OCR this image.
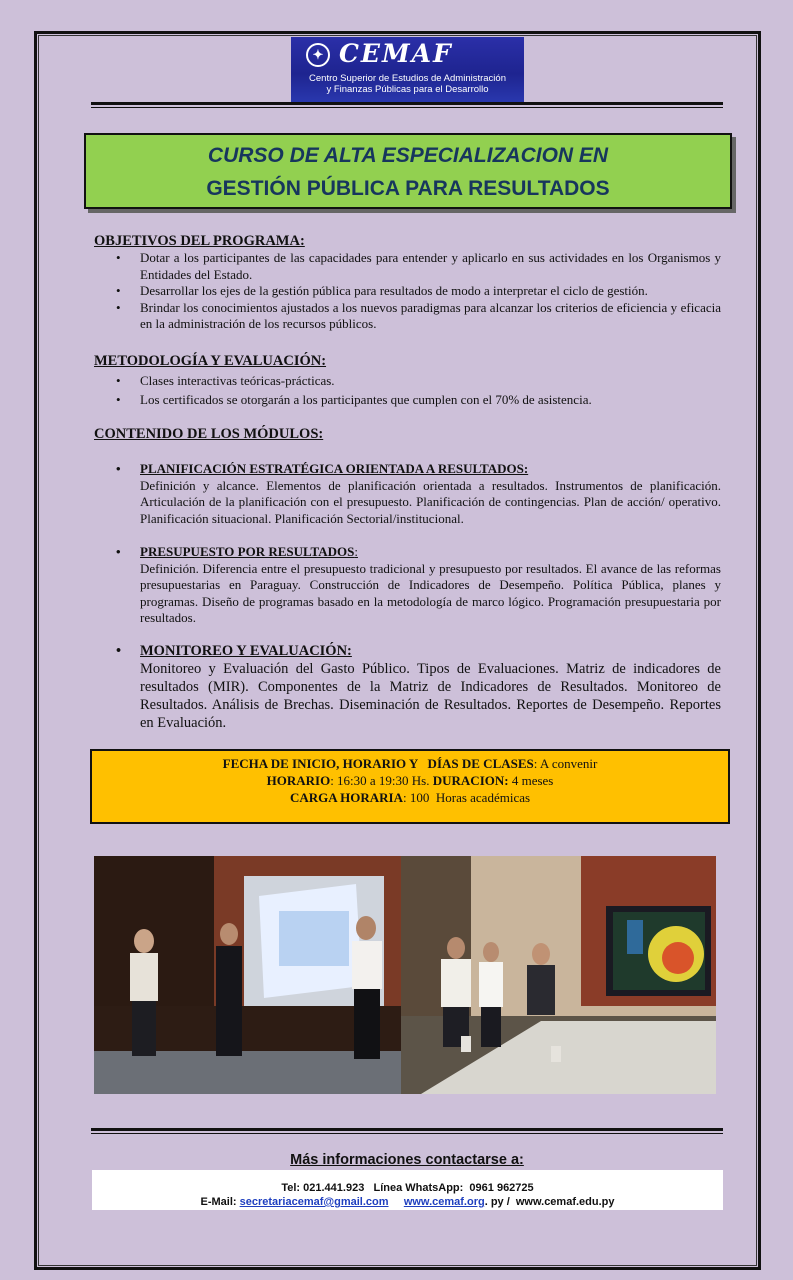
✦ CEMAF
Centro Superior de Estudios de Administración
y Finanzas Públicas para el Desarrollo
CURSO DE ALTA ESPECIALIZACION EN
GESTIÓN PÚBLICA PARA RESULTADOS
OBJETIVOS DEL PROGRAMA:
• Dotar a los participantes de las capacidades para entender y aplicarlo en sus actividades en los Organismos y Entidades del Estado.
• Desarrollar los ejes de la gestión pública para resultados de modo a interpretar el ciclo de gestión.
• Brindar los conocimientos ajustados a los nuevos paradigmas para alcanzar los criterios de eficiencia y eficacia en la administración de los recursos públicos.
METODOLOGÍA Y EVALUACIÓN:
• Clases interactivas teóricas-prácticas.
• Los certificados se otorgarán a los participantes que cumplen con el 70% de asistencia.
CONTENIDO DE LOS MÓDULOS:
• PLANIFICACIÓN ESTRATÉGICA ORIENTADA A RESULTADOS:
Definición y alcance. Elementos de planificación orientada a resultados. Instrumentos de planificación. Articulación de la planificación con el presupuesto. Planificación de contingencias. Plan de acción/ operativo. Planificación situacional. Planificación Sectorial/institucional.
• PRESUPUESTO POR RESULTADOS:
Definición. Diferencia entre el presupuesto tradicional y presupuesto por resultados. El avance de las reformas presupuestarias en Paraguay. Construcción de Indicadores de Desempeño. Política Pública, planes y programas. Diseño de programas basado en la metodología de marco lógico. Programación presupuestaria por resultados.
• MONITOREO Y EVALUACIÓN:
Monitoreo y Evaluación del Gasto Público. Tipos de Evaluaciones. Matriz de indicadores de resultados (MIR). Componentes de la Matriz de Indicadores de Resultados. Monitoreo de Resultados. Análisis de Brechas. Diseminación de Resultados. Reportes de Desempeño. Reportes en Evaluación.
FECHA DE INICIO, HORARIO Y   DÍAS DE CLASES: A convenir
HORARIO: 16:30 a 19:30 Hs. DURACION: 4 meses
CARGA HORARIA: 100  Horas académicas
Más informaciones contactarse a:
Tel: 021.441.923   Línea WhatsApp:  0961 962725
E-Mail: secretariacemaf@gmail.com www.cemaf.org. py /  www.cemaf.edu.py
